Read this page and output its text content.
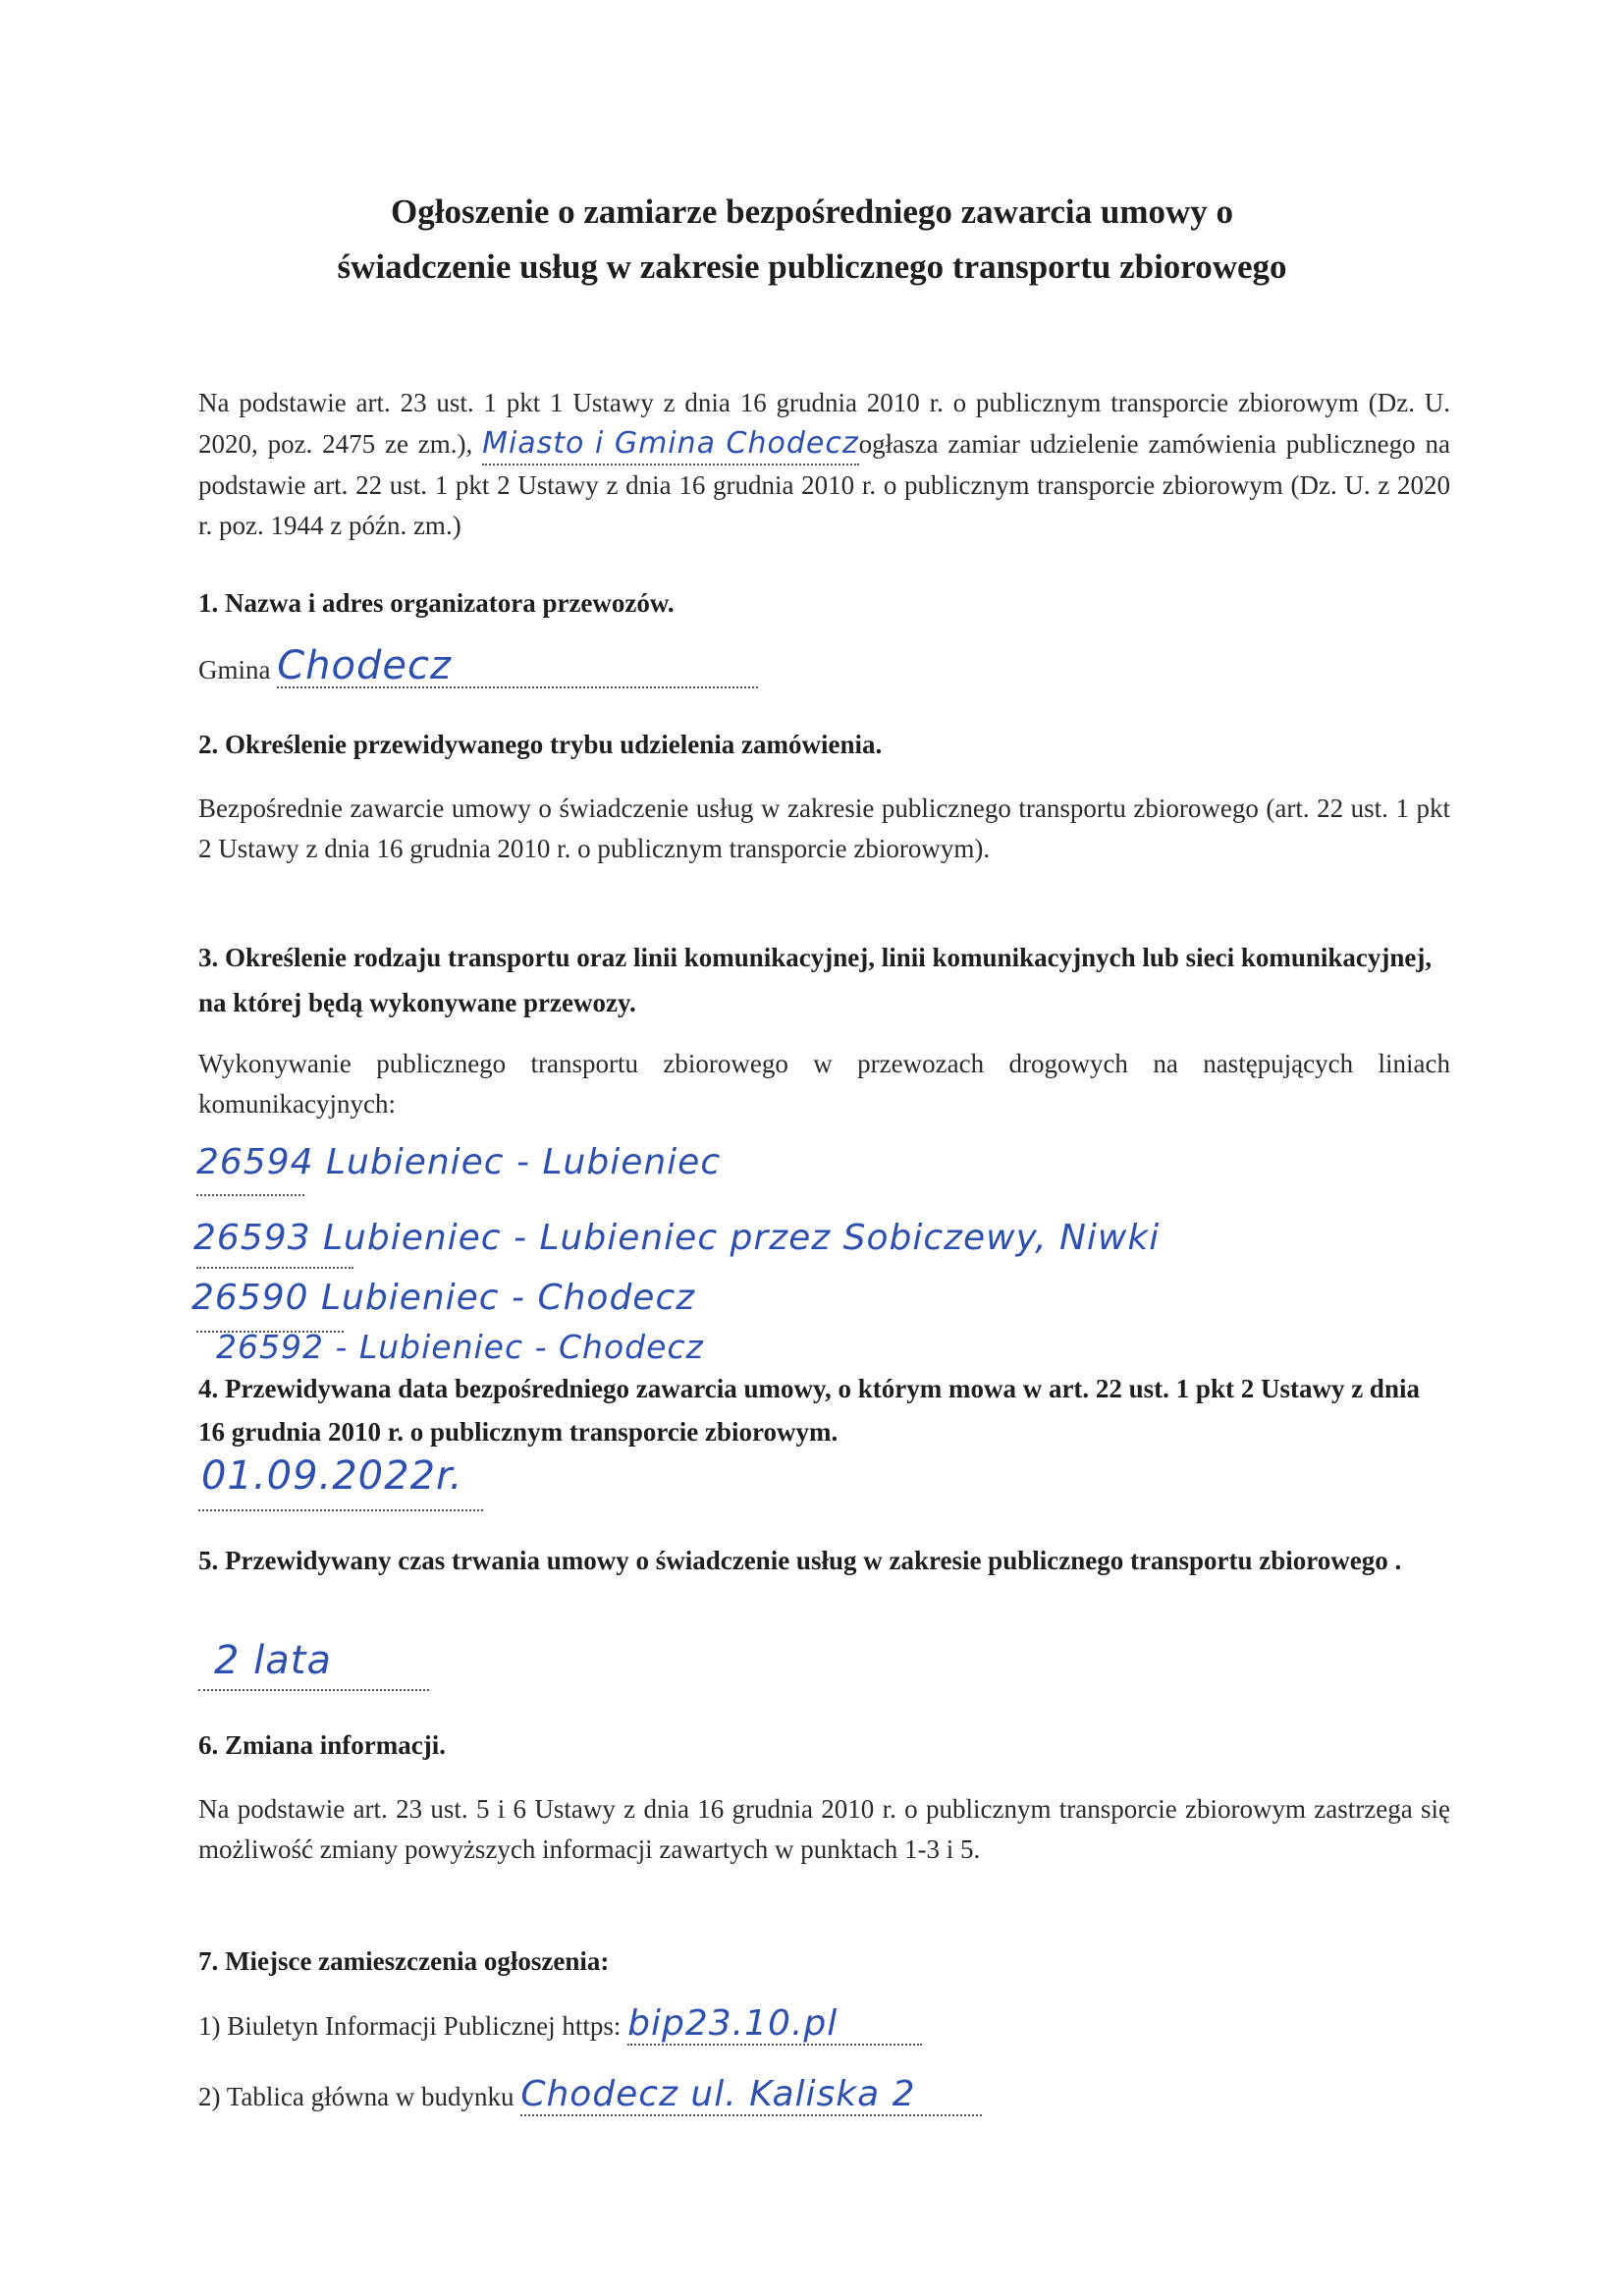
Ogłoszenie o zamiarze bezpośredniego zawarcia umowy o
świadczenie usług w zakresie publicznego transportu zbiorowego
Na podstawie art. 23 ust. 1 pkt 1 Ustawy z dnia 16 grudnia 2010 r. o publicznym transporcie zbiorowym (Dz. U. 2020, poz. 2475 ze zm.), Miasto i Gmina Chodeczogłasza zamiar udzielenie zamówienia publicznego na podstawie art. 22 ust. 1 pkt 2 Ustawy z dnia 16 grudnia 2010 r. o publicznym transporcie zbiorowym (Dz. U. z 2020 r. poz. 1944 z późn. zm.)
1. Nazwa i adres organizatora przewozów.
Gmina Chodecz
2. Określenie przewidywanego trybu udzielenia zamówienia.
Bezpośrednie zawarcie umowy o świadczenie usług w zakresie publicznego transportu zbiorowego (art. 22 ust. 1 pkt 2 Ustawy z dnia 16 grudnia 2010 r. o publicznym transporcie zbiorowym).
3. Określenie rodzaju transportu oraz linii komunikacyjnej, linii komunikacyjnych lub sieci komunikacyjnej, na której będą wykonywane przewozy.
Wykonywanie publicznego transportu zbiorowego w przewozach drogowych na następujących liniach komunikacyjnych:
26594 Lubieniec - Lubieniec
26593 Lubieniec - Lubieniec przez Sobiczewy, Niwki
26590 Lubieniec - Chodecz
26592 - Lubieniec - Chodecz
4. Przewidywana data bezpośredniego zawarcia umowy, o którym mowa w art. 22 ust. 1 pkt 2 Ustawy z dnia 16 grudnia 2010 r. o publicznym transporcie zbiorowym.
01.09.2022r.
5. Przewidywany czas trwania umowy o świadczenie usług w zakresie publicznego transportu zbiorowego .
2 lata
6. Zmiana informacji.
Na podstawie art. 23 ust. 5 i 6 Ustawy z dnia 16 grudnia 2010 r. o publicznym transporcie zbiorowym zastrzega się możliwość zmiany powyższych informacji zawartych w punktach 1-3 i 5.
7. Miejsce zamieszczenia ogłoszenia:
1) Biuletyn Informacji Publicznej https: bip23.10.pl
2) Tablica główna w budynku Chodecz ul. Kaliska 2
